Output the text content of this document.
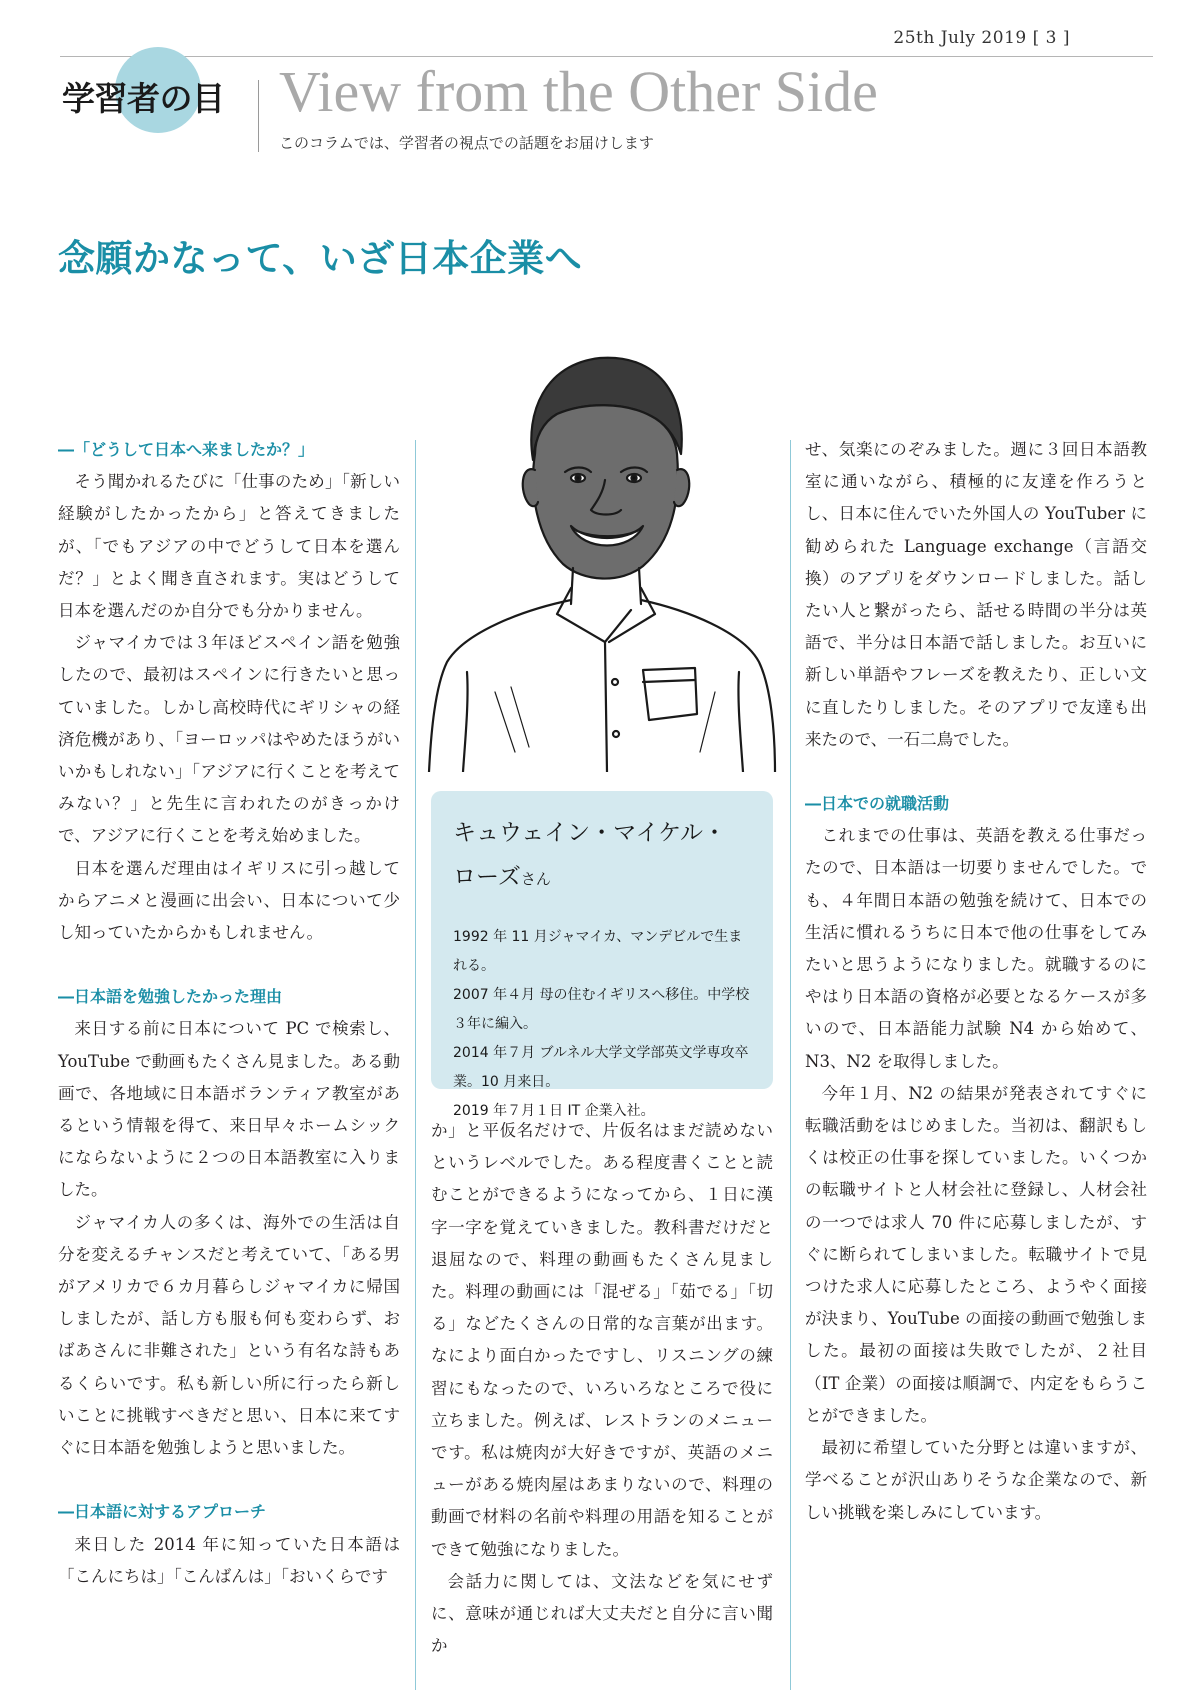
25th July 2019 [ 3 ]
学習者の目 View from the Other Side
このコラムでは、学習者の視点での話題をお届けします
念願かなって、いざ日本企業へ
―「どうして日本へ来ましたか？」

そう聞かれるたびに「仕事のため」「新しい経験がしたかったから」と答えてきましたが、「でもアジアの中でどうして日本を選んだ？」とよく聞き直されます。実はどうして日本を選んだのか自分でも分かりません。

ジャマイカでは３年ほどスペイン語を勉強したので、最初はスペインに行きたいと思っていました。しかし高校時代にギリシャの経済危機があり、「ヨーロッパはやめたほうがいいかもしれない」「アジアに行くことを考えてみない？」と先生に言われたのがきっかけで、アジアに行くことを考え始めました。

日本を選んだ理由はイギリスに引っ越してからアニメと漫画に出会い、日本について少し知っていたからかもしれません。

―日本語を勉強したかった理由

来日する前に日本について PC で検索し、YouTube で動画もたくさん見ました。ある動画で、各地域に日本語ボランティア教室があるという情報を得て、来日早々ホームシックにならないように２つの日本語教室に入りました。

ジャマイカ人の多くは、海外での生活は自分を変えるチャンスだと考えていて、「ある男がアメリカで６カ月暮らしジャマイカに帰国しましたが、話し方も服も何も変わらず、おばあさんに非難された」という有名な詩もあるくらいです。私も新しい所に行ったら新しいことに挑戦すべきだと思い、日本に来てすぐに日本語を勉強しようと思いました。

―日本語に対するアプローチ

来日した 2014 年に知っていた日本語は「こんにちは」「こんばんは」「おいくらです

キュウェイン・マイケル・
ローズさん
1992 年 11 月ジャマイカ、マンデビルで生まれる。
2007 年４月 母の住むイギリスへ移住。中学校３年に編入。
2014 年７月 ブルネル大学文学部英文学専攻卒業。10 月来日。
2019 年７月１日 IT 企業入社。

か」と平仮名だけで、片仮名はまだ読めないというレベルでした。ある程度書くことと読むことができるようになってから、１日に漢字一字を覚えていきました。教科書だけだと退屈なので、料理の動画もたくさん見ました。料理の動画には「混ぜる」「茹でる」「切る」などたくさんの日常的な言葉が出ます。なにより面白かったですし、リスニングの練習にもなったので、いろいろなところで役に立ちました。例えば、レストランのメニューです。私は焼肉が大好きですが、英語のメニューがある焼肉屋はあまりないので、料理の動画で材料の名前や料理の用語を知ることができて勉強になりました。

会話力に関しては、文法などを気にせずに、意味が通じれば大丈夫だと自分に言い聞か

せ、気楽にのぞみました。週に３回日本語教室に通いながら、積極的に友達を作ろうとし、日本に住んでいた外国人の YouTuber に勧められた Language exchange（言語交換）のアプリをダウンロードしました。話したい人と繋がったら、話せる時間の半分は英語で、半分は日本語で話しました。お互いに新しい単語やフレーズを教えたり、正しい文に直したりしました。そのアプリで友達も出来たので、一石二鳥でした。

―日本での就職活動

これまでの仕事は、英語を教える仕事だったので、日本語は一切要りませんでした。でも、４年間日本語の勉強を続けて、日本での生活に慣れるうちに日本で他の仕事をしてみたいと思うようになりました。就職するのにやはり日本語の資格が必要となるケースが多いので、日本語能力試験 N4 から始めて、N3、N2 を取得しました。

今年１月、N2 の結果が発表されてすぐに転職活動をはじめました。当初は、翻訳もしくは校正の仕事を探していました。いくつかの転職サイトと人材会社に登録し、人材会社の一つでは求人 70 件に応募しましたが、すぐに断られてしまいました。転職サイトで見つけた求人に応募したところ、ようやく面接が決まり、YouTube の面接の動画で勉強しました。最初の面接は失敗でしたが、２社目（IT 企業）の面接は順調で、内定をもらうことができました。

最初に希望していた分野とは違いますが、学べることが沢山ありそうな企業なので、新しい挑戦を楽しみにしています。
